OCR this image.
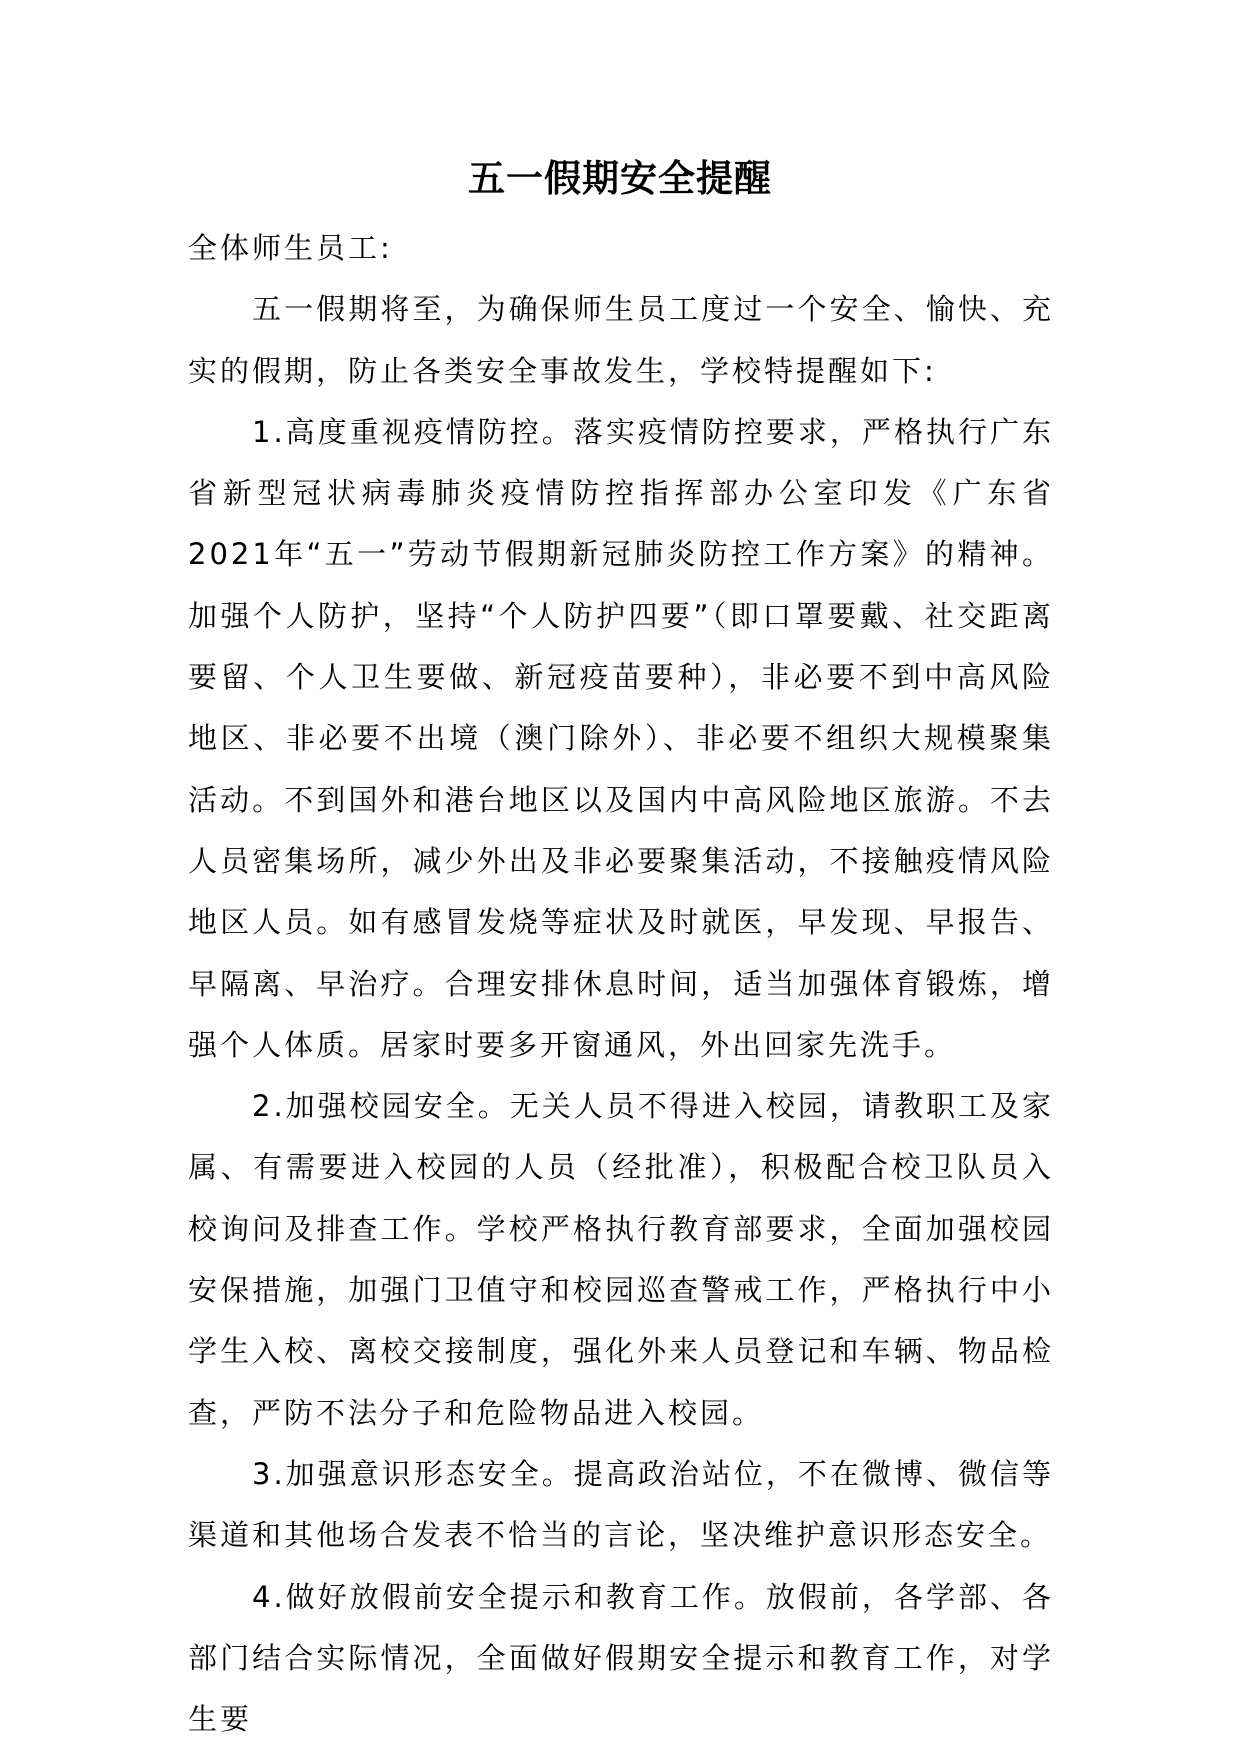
五一假期安全提醒

全体师生员工:

五一假期将至，为确保师生员工度过一个安全、愉快、充实的假期，防止各类安全事故发生，学校特提醒如下:

1.高度重视疫情防控。落实疫情防控要求，严格执行广东省新型冠状病毒肺炎疫情防控指挥部办公室印发《广东省2021年“五一”劳动节假期新冠肺炎防控工作方案》的精神。加强个人防护，坚持“个人防护四要”（即口罩要戴、社交距离要留、个人卫生要做、新冠疫苗要种），非必要不到中高风险地区、非必要不出境（澳门除外）、非必要不组织大规模聚集活动。不到国外和港台地区以及国内中高风险地区旅游。不去人员密集场所，减少外出及非必要聚集活动，不接触疫情风险地区人员。如有感冒发烧等症状及时就医，早发现、早报告、早隔离、早治疗。合理安排休息时间，适当加强体育锻炼，增强个人体质。居家时要多开窗通风，外出回家先洗手。

2.加强校园安全。无关人员不得进入校园，请教职工及家属、有需要进入校园的人员（经批准），积极配合校卫队员入校询问及排查工作。学校严格执行教育部要求，全面加强校园安保措施，加强门卫值守和校园巡查警戒工作，严格执行中小学生入校、离校交接制度，强化外来人员登记和车辆、物品检查，严防不法分子和危险物品进入校园。

3.加强意识形态安全。提高政治站位，不在微博、微信等渠道和其他场合发表不恰当的言论，坚决维护意识形态安全。

4.做好放假前安全提示和教育工作。放假前，各学部、各部门结合实际情况，全面做好假期安全提示和教育工作，对学生要
